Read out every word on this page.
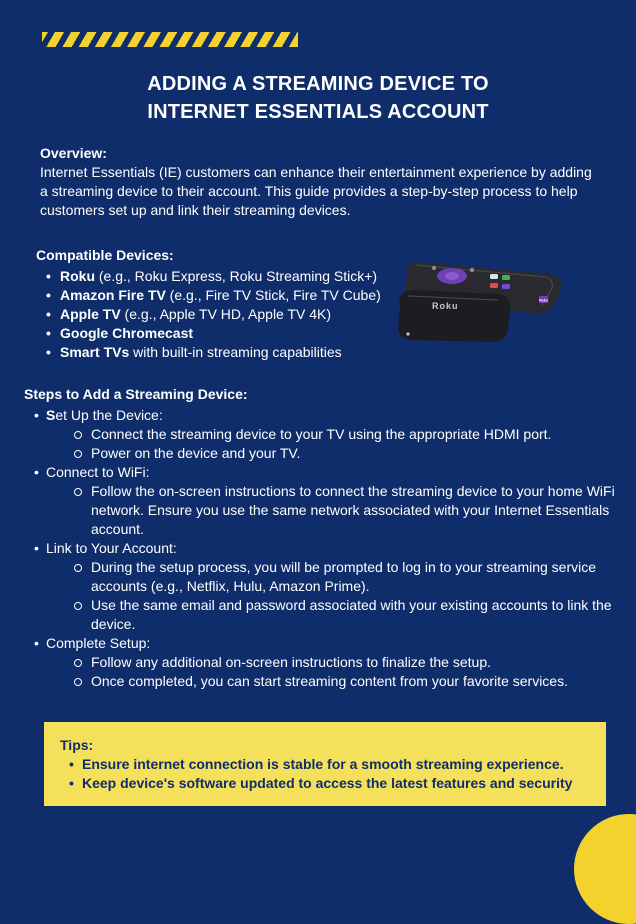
ADDING A STREAMING DEVICE TO
INTERNET ESSENTIALS ACCOUNT
Overview:
Internet Essentials (IE) customers can enhance their entertainment experience by adding a streaming device to their account. This guide provides a step-by-step process to help customers set up and link their streaming devices.
Compatible Devices:
• Roku (e.g., Roku Express, Roku Streaming Stick+)
• Amazon Fire TV (e.g., Fire TV Stick, Fire TV Cube)
• Apple TV (e.g., Apple TV HD, Apple TV 4K)
• Google Chromecast
• Smart TVs with built-in streaming capabilities
Roku
Roku
Steps to Add a Streaming Device:
• Set Up the Device:
Connect the streaming device to your TV using the appropriate HDMI port.
Power on the device and your TV.
• Connect to WiFi:
Follow the on-screen instructions to connect the streaming device to your home WiFi network. Ensure you use the same network associated with your Internet Essentials account.
• Link to Your Account:
During the setup process, you will be prompted to log in to your streaming service accounts (e.g., Netflix, Hulu, Amazon Prime).
Use the same email and password associated with your existing accounts to link the device.
• Complete Setup:
Follow any additional on-screen instructions to finalize the setup.
Once completed, you can start streaming content from your favorite services.
Tips:
• Ensure internet connection is stable for a smooth streaming experience.
• Keep device's software updated to access the latest features and security
